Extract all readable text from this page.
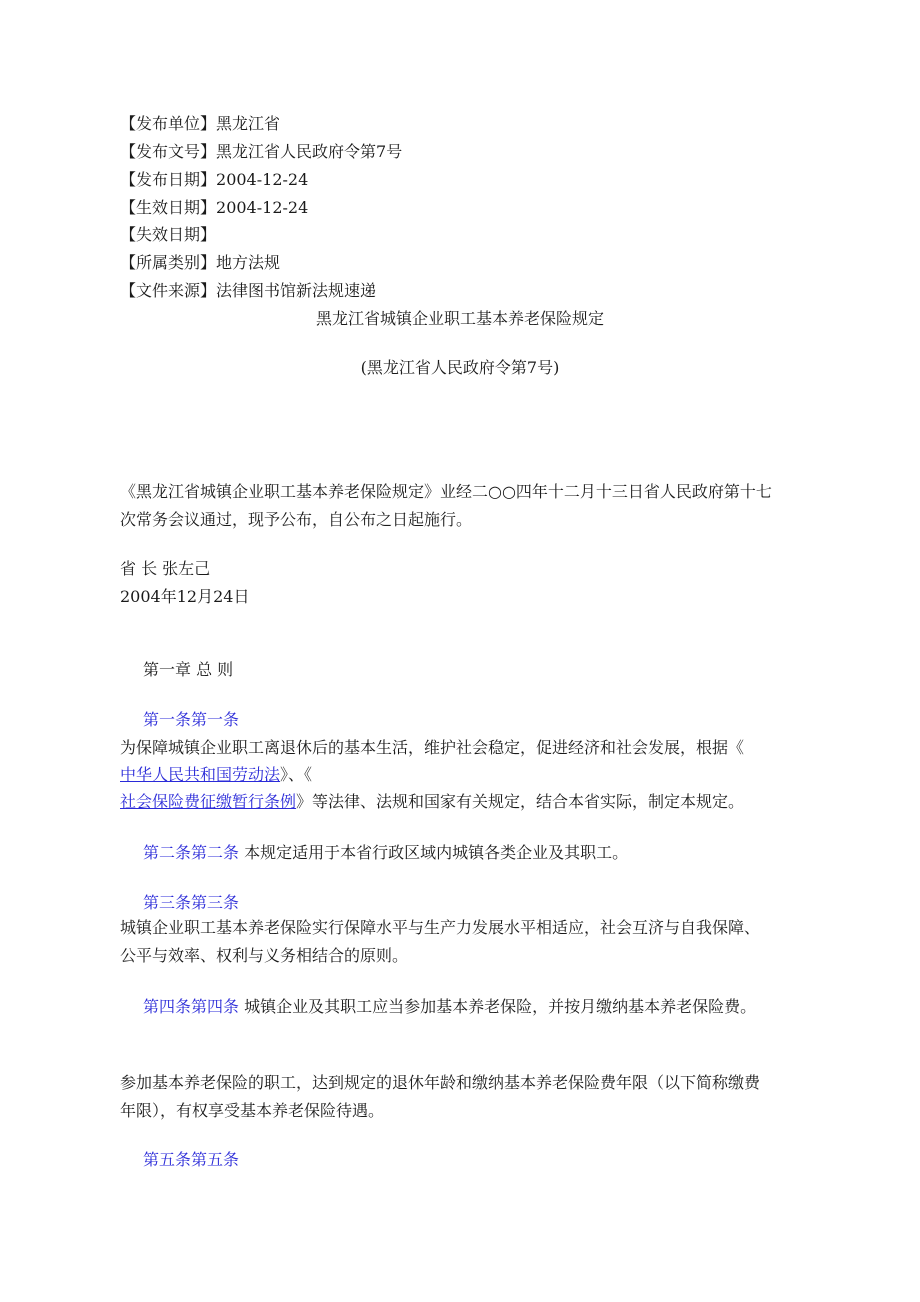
【发布单位】黑龙江省
【发布文号】黑龙江省人民政府令第7号
【发布日期】2004-12-24
【生效日期】2004-12-24
【失效日期】
【所属类别】地方法规
【文件来源】法律图书馆新法规速递
黑龙江省城镇企业职工基本养老保险规定
(黑龙江省人民政府令第7号)
《黑龙江省城镇企业职工基本养老保险规定》业经二○○四年十二月十三日省人民政府第十七
次常务会议通过，现予公布，自公布之日起施行。
省 长 张左己
2004年12月24日
第一章 总 则
第一条第一条
为保障城镇企业职工离退休后的基本生活，维护社会稳定，促进经济和社会发展，根据《
中华人民共和国劳动法》、《
社会保险费征缴暂行条例》等法律、法规和国家有关规定，结合本省实际，制定本规定。
第二条第二条 本规定适用于本省行政区域内城镇各类企业及其职工。
第三条第三条
城镇企业职工基本养老保险实行保障水平与生产力发展水平相适应，社会互济与自我保障、
公平与效率、权利与义务相结合的原则。
第四条第四条 城镇企业及其职工应当参加基本养老保险，并按月缴纳基本养老保险费。
参加基本养老保险的职工，达到规定的退休年龄和缴纳基本养老保险费年限（以下简称缴费
年限），有权享受基本养老保险待遇。
第五条第五条
